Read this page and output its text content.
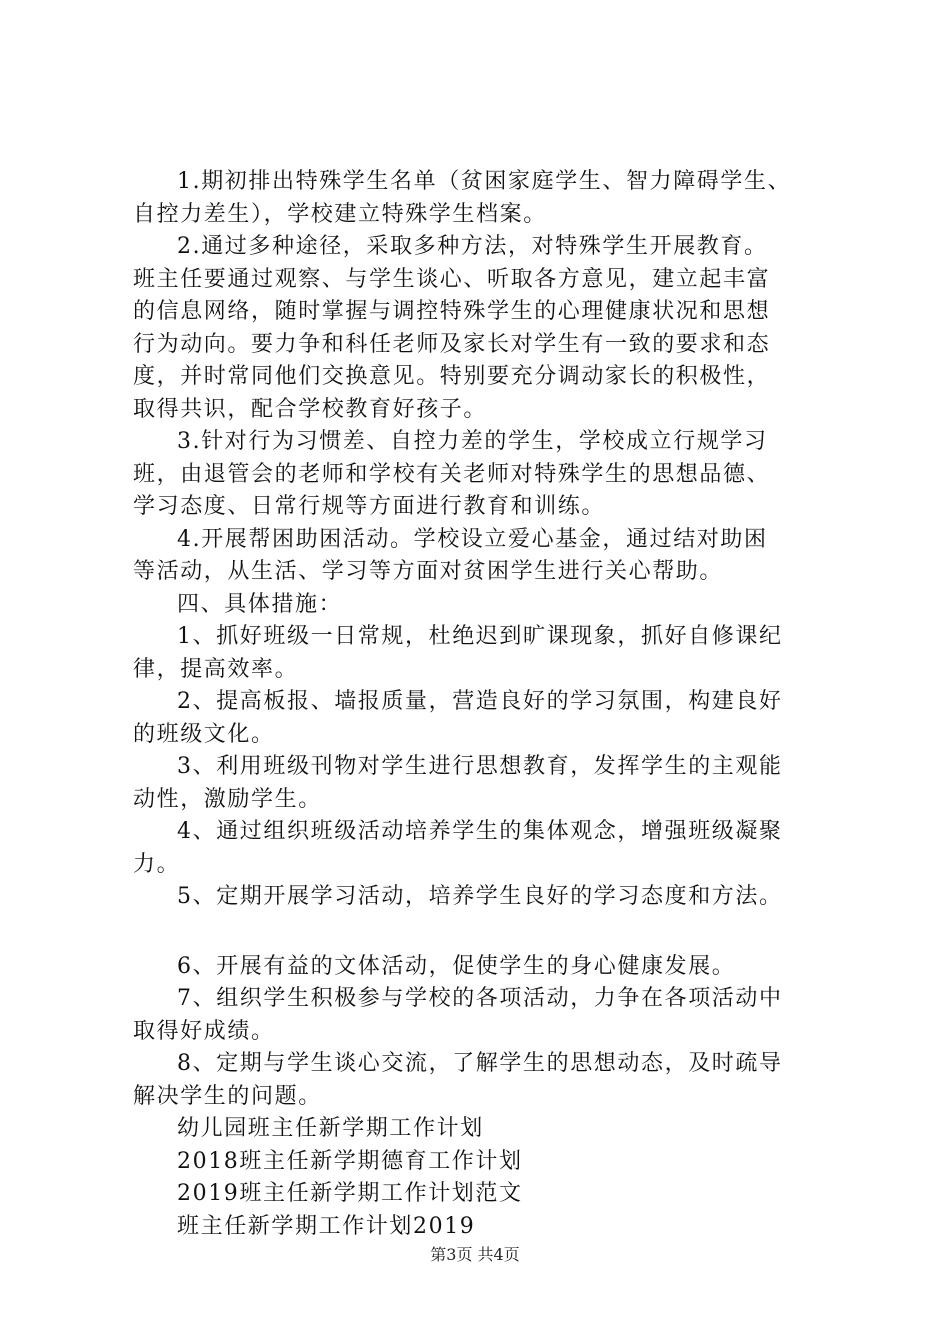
1.期初排出特殊学生名单（贫困家庭学生、智力障碍学生、
自控力差生），学校建立特殊学生档案。
2.通过多种途径，采取多种方法，对特殊学生开展教育。
班主任要通过观察、与学生谈心、听取各方意见，建立起丰富
的信息网络，随时掌握与调控特殊学生的心理健康状况和思想
行为动向。要力争和科任老师及家长对学生有一致的要求和态
度，并时常同他们交换意见。特别要充分调动家长的积极性，
取得共识，配合学校教育好孩子。
3.针对行为习惯差、自控力差的学生，学校成立行规学习
班，由退管会的老师和学校有关老师对特殊学生的思想品德、
学习态度、日常行规等方面进行教育和训练。
4.开展帮困助困活动。学校设立爱心基金，通过结对助困
等活动，从生活、学习等方面对贫困学生进行关心帮助。
四、具体措施：
1、抓好班级一日常规，杜绝迟到旷课现象，抓好自修课纪
律，提高效率。
2、提高板报、墙报质量，营造良好的学习氛围，构建良好
的班级文化。
3、利用班级刊物对学生进行思想教育，发挥学生的主观能
动性，激励学生。
4、通过组织班级活动培养学生的集体观念，增强班级凝聚
力。
5、定期开展学习活动，培养学生良好的学习态度和方法。
6、开展有益的文体活动，促使学生的身心健康发展。
7、组织学生积极参与学校的各项活动，力争在各项活动中
取得好成绩。
8、定期与学生谈心交流，了解学生的思想动态，及时疏导
解决学生的问题。
幼儿园班主任新学期工作计划
2018班主任新学期德育工作计划
2019班主任新学期工作计划范文
班主任新学期工作计划2019
第3页 共4页
